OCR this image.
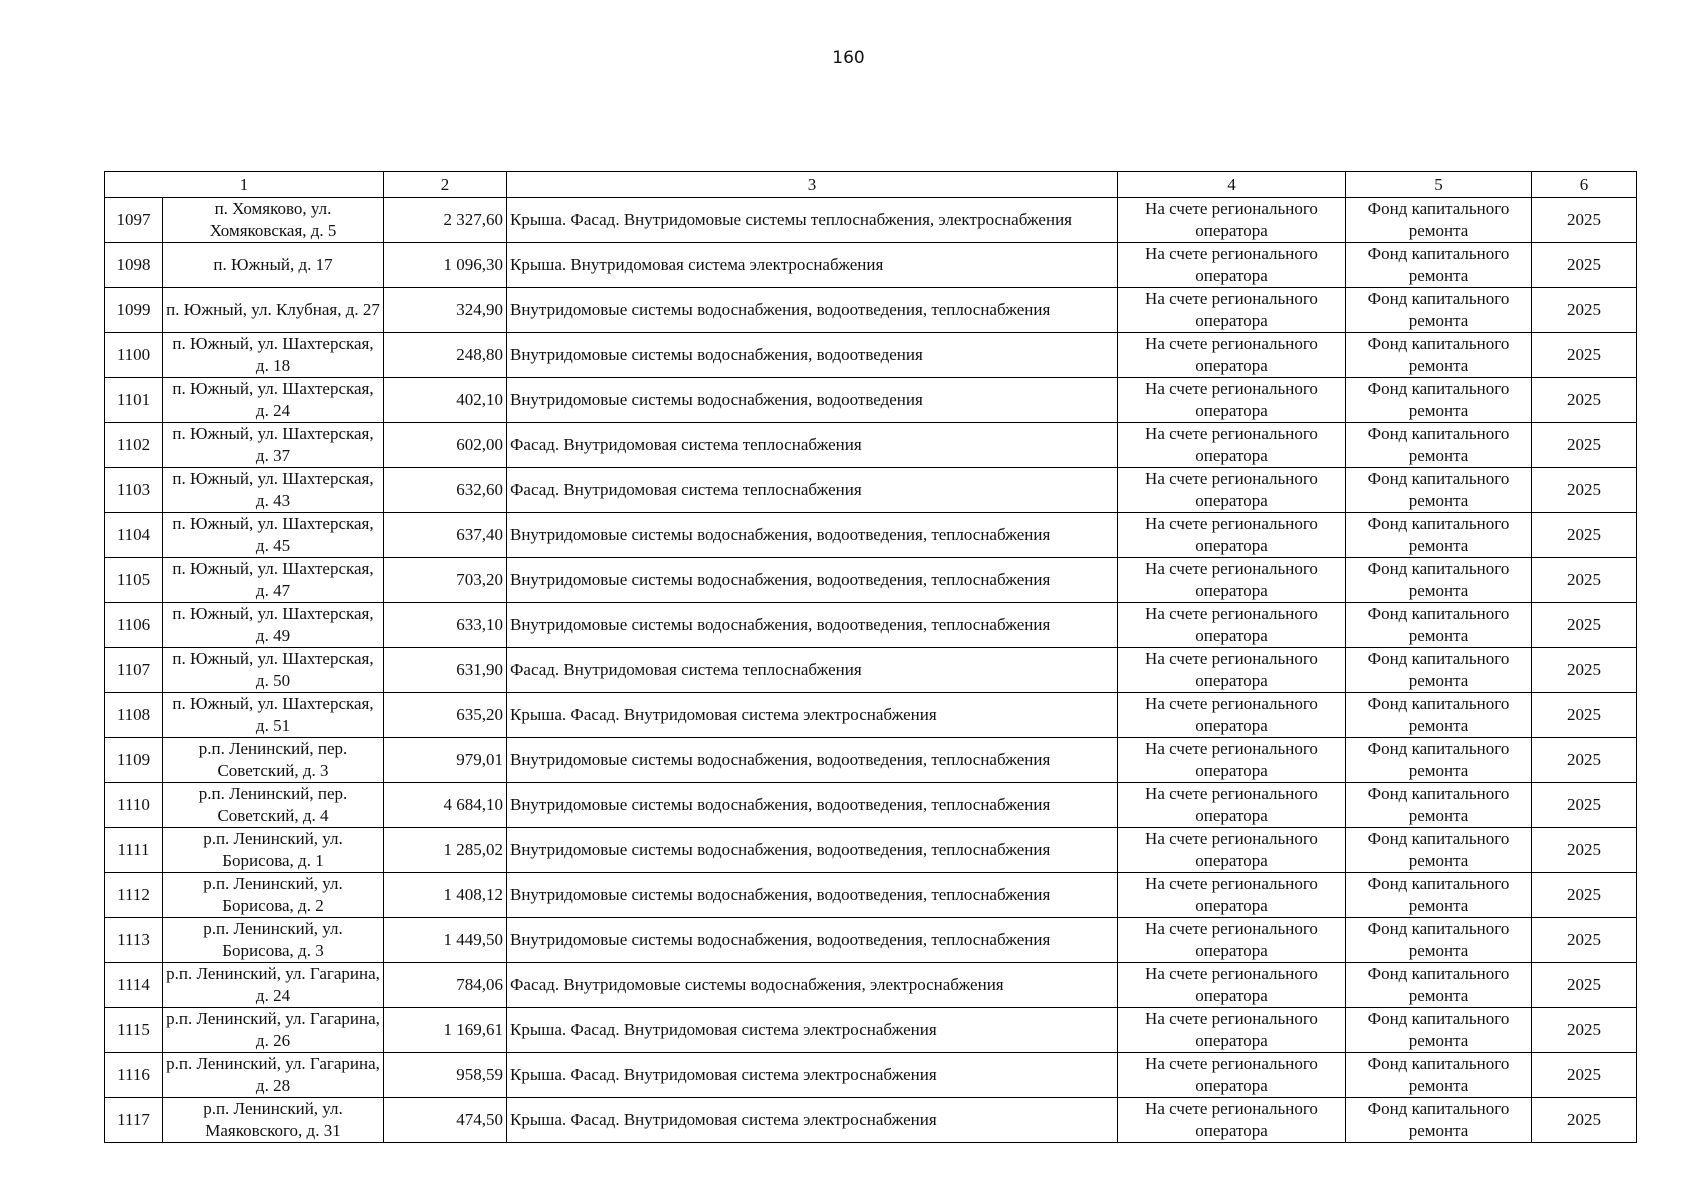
160
1		2	3	4	5	6
1097	п. Хомяково, ул. Хомяковская, д. 5	2 327,60	Крыша. Фасад. Внутридомовые системы теплоснабжения, электроснабжения	На счете регионального оператора	Фонд капитального ремонта	2025
1098	п. Южный, д. 17	1 096,30	Крыша. Внутридомовая система электроснабжения	На счете регионального оператора	Фонд капитального ремонта	2025
1099	п. Южный, ул. Клубная, д. 27	324,90	Внутридомовые системы водоснабжения, водоотведения, теплоснабжения	На счете регионального оператора	Фонд капитального ремонта	2025
1100	п. Южный, ул. Шахтерская, д. 18	248,80	Внутридомовые системы водоснабжения, водоотведения	На счете регионального оператора	Фонд капитального ремонта	2025
1101	п. Южный, ул. Шахтерская, д. 24	402,10	Внутридомовые системы водоснабжения, водоотведения	На счете регионального оператора	Фонд капитального ремонта	2025
1102	п. Южный, ул. Шахтерская, д. 37	602,00	Фасад. Внутридомовая система теплоснабжения	На счете регионального оператора	Фонд капитального ремонта	2025
1103	п. Южный, ул. Шахтерская, д. 43	632,60	Фасад. Внутридомовая система теплоснабжения	На счете регионального оператора	Фонд капитального ремонта	2025
1104	п. Южный, ул. Шахтерская, д. 45	637,40	Внутридомовые системы водоснабжения, водоотведения, теплоснабжения	На счете регионального оператора	Фонд капитального ремонта	2025
1105	п. Южный, ул. Шахтерская, д. 47	703,20	Внутридомовые системы водоснабжения, водоотведения, теплоснабжения	На счете регионального оператора	Фонд капитального ремонта	2025
1106	п. Южный, ул. Шахтерская, д. 49	633,10	Внутридомовые системы водоснабжения, водоотведения, теплоснабжения	На счете регионального оператора	Фонд капитального ремонта	2025
1107	п. Южный, ул. Шахтерская, д. 50	631,90	Фасад. Внутридомовая система теплоснабжения	На счете регионального оператора	Фонд капитального ремонта	2025
1108	п. Южный, ул. Шахтерская, д. 51	635,20	Крыша. Фасад. Внутридомовая система электроснабжения	На счете регионального оператора	Фонд капитального ремонта	2025
1109	р.п. Ленинский, пер. Советский, д. 3	979,01	Внутридомовые системы водоснабжения, водоотведения, теплоснабжения	На счете регионального оператора	Фонд капитального ремонта	2025
1110	р.п. Ленинский, пер. Советский, д. 4	4 684,10	Внутридомовые системы водоснабжения, водоотведения, теплоснабжения	На счете регионального оператора	Фонд капитального ремонта	2025
1111	р.п. Ленинский, ул. Борисова, д. 1	1 285,02	Внутридомовые системы водоснабжения, водоотведения, теплоснабжения	На счете регионального оператора	Фонд капитального ремонта	2025
1112	р.п. Ленинский, ул. Борисова, д. 2	1 408,12	Внутридомовые системы водоснабжения, водоотведения, теплоснабжения	На счете регионального оператора	Фонд капитального ремонта	2025
1113	р.п. Ленинский, ул. Борисова, д. 3	1 449,50	Внутридомовые системы водоснабжения, водоотведения, теплоснабжения	На счете регионального оператора	Фонд капитального ремонта	2025
1114	р.п. Ленинский, ул. Гагарина, д. 24	784,06	Фасад. Внутридомовые системы водоснабжения, электроснабжения	На счете регионального оператора	Фонд капитального ремонта	2025
1115	р.п. Ленинский, ул. Гагарина, д. 26	1 169,61	Крыша. Фасад. Внутридомовая система электроснабжения	На счете регионального оператора	Фонд капитального ремонта	2025
1116	р.п. Ленинский, ул. Гагарина, д. 28	958,59	Крыша. Фасад. Внутридомовая система электроснабжения	На счете регионального оператора	Фонд капитального ремонта	2025
1117	р.п. Ленинский, ул. Маяковского, д. 31	474,50	Крыша. Фасад. Внутридомовая система электроснабжения	На счете регионального оператора	Фонд капитального ремонта	2025
